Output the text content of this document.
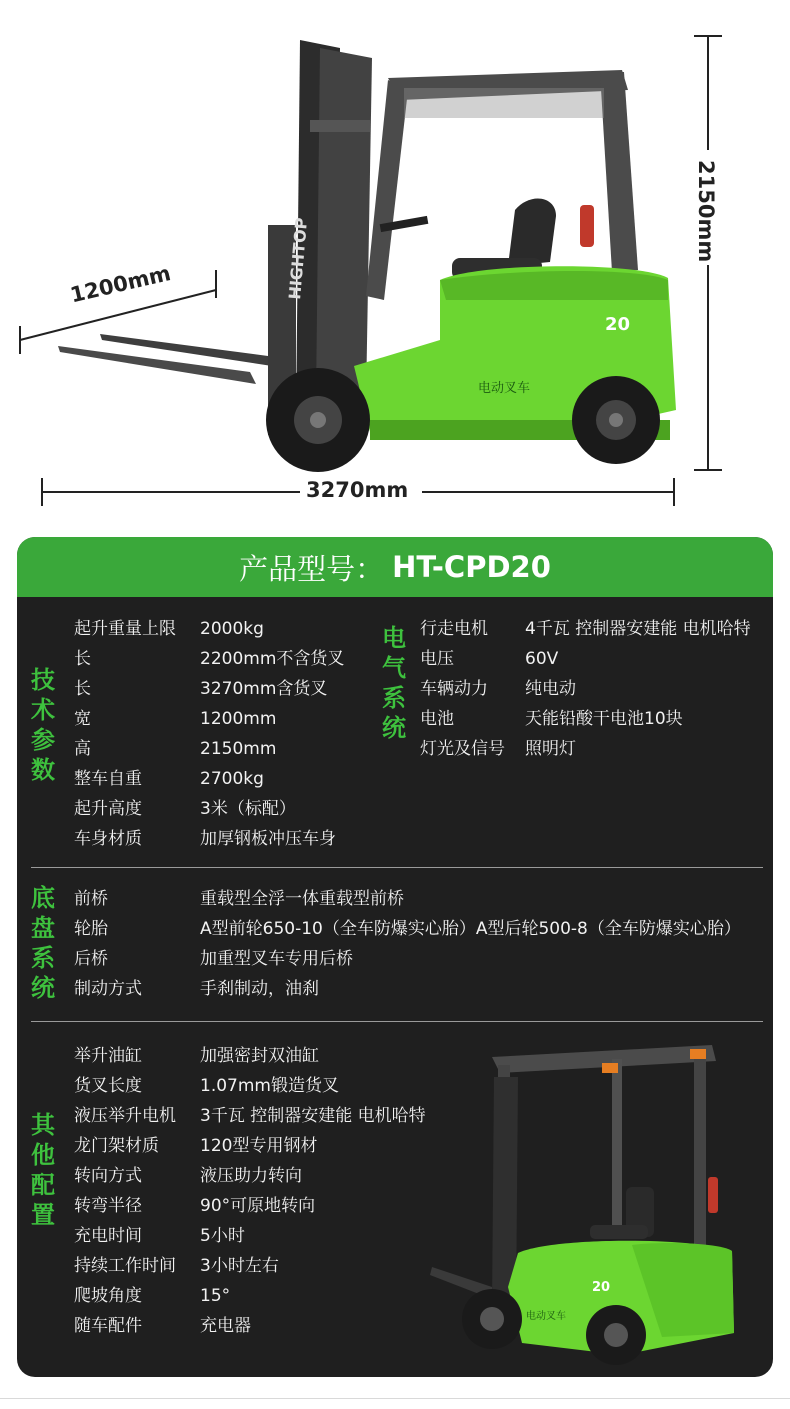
HIGHTOP
20
电动叉车
1200mm
2150mm
3270mm
产品型号： HT-CPD20
技术参数
电气系统
底盘系统
其他配置
起升重量上限 2000kg
长	2200mm不含货叉
长	3270mm含货叉
宽	1200mm
高	2150mm
整车自重	2700kg
起升高度	3米（标配）
车身材质	加厚钢板冲压车身
行走电机 4千瓦 控制器安建能 电机哈特
电压	60V
车辆动力 纯电动
电池	天能铅酸干电池10块
灯光及信号 照明灯
前桥	重载型全浮一体重载型前桥
轮胎	A型前轮650-10（全车防爆实心胎）A型后轮500-8（全车防爆实心胎）
后桥	加重型叉车专用后桥
制动方式	手刹制动，油刹
举升油缸	加强密封双油缸
货叉长度	1.07mm锻造货叉
液压举升电机 3千瓦 控制器安建能 电机哈特
龙门架材质 120型专用钢材
转向方式	液压助力转向
转弯半径	90°可原地转向
充电时间	5小时
持续工作时间 3小时左右
爬坡角度	15°
随车配件	充电器
20
电动叉车
